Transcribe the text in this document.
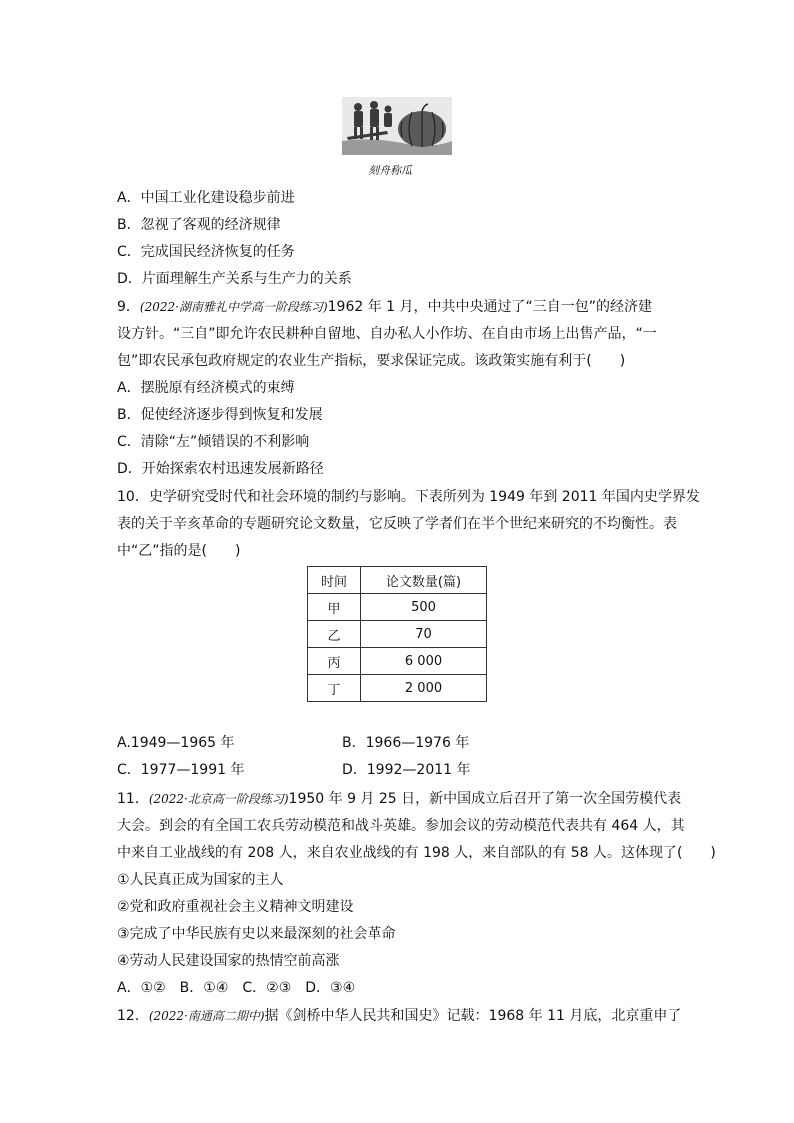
刻舟称瓜
A．中国工业化建设稳步前进
B．忽视了客观的经济规律
C．完成国民经济恢复的任务
D．片面理解生产关系与生产力的关系
9．(2022·湖南雅礼中学高一阶段练习)1962 年 1 月，中共中央通过了“三自一包”的经济建
设方针。“三自”即允许农民耕种自留地、自办私人小作坊、在自由市场上出售产品，“一
包”即农民承包政府规定的农业生产指标，要求保证完成。该政策实施有利于(　　)
A．摆脱原有经济模式的束缚
B．促使经济逐步得到恢复和发展
C．清除“左”倾错误的不利影响
D．开始探索农村迅速发展新路径
10．史学研究受时代和社会环境的制约与影响。下表所列为 1949 年到 2011 年国内史学界发
表的关于辛亥革命的专题研究论文数量，它反映了学者们在半个世纪来研究的不均衡性。表
中“乙”指的是(　　)
时间	论文数量(篇)
甲	500
乙	70
丙	6 000
丁	2 000
A.1949—1965 年	B．1966—1976 年
C．1977—1991 年	D．1992—2011 年
11．(2022·北京高一阶段练习)1950 年 9 月 25 日，新中国成立后召开了第一次全国劳模代表
大会。到会的有全国工农兵劳动模范和战斗英雄。参加会议的劳动模范代表共有 464 人，其
中来自工业战线的有 208 人，来自农业战线的有 198 人，来自部队的有 58 人。这体现了(　　)
①人民真正成为国家的主人
②党和政府重视社会主义精神文明建设
③完成了中华民族有史以来最深刻的社会革命
④劳动人民建设国家的热情空前高涨
A．①②　B．①④　C．②③　D．③④
12．(2022·南通高二期中)据《剑桥中华人民共和国史》记载：1968 年 11 月底，北京重申了
